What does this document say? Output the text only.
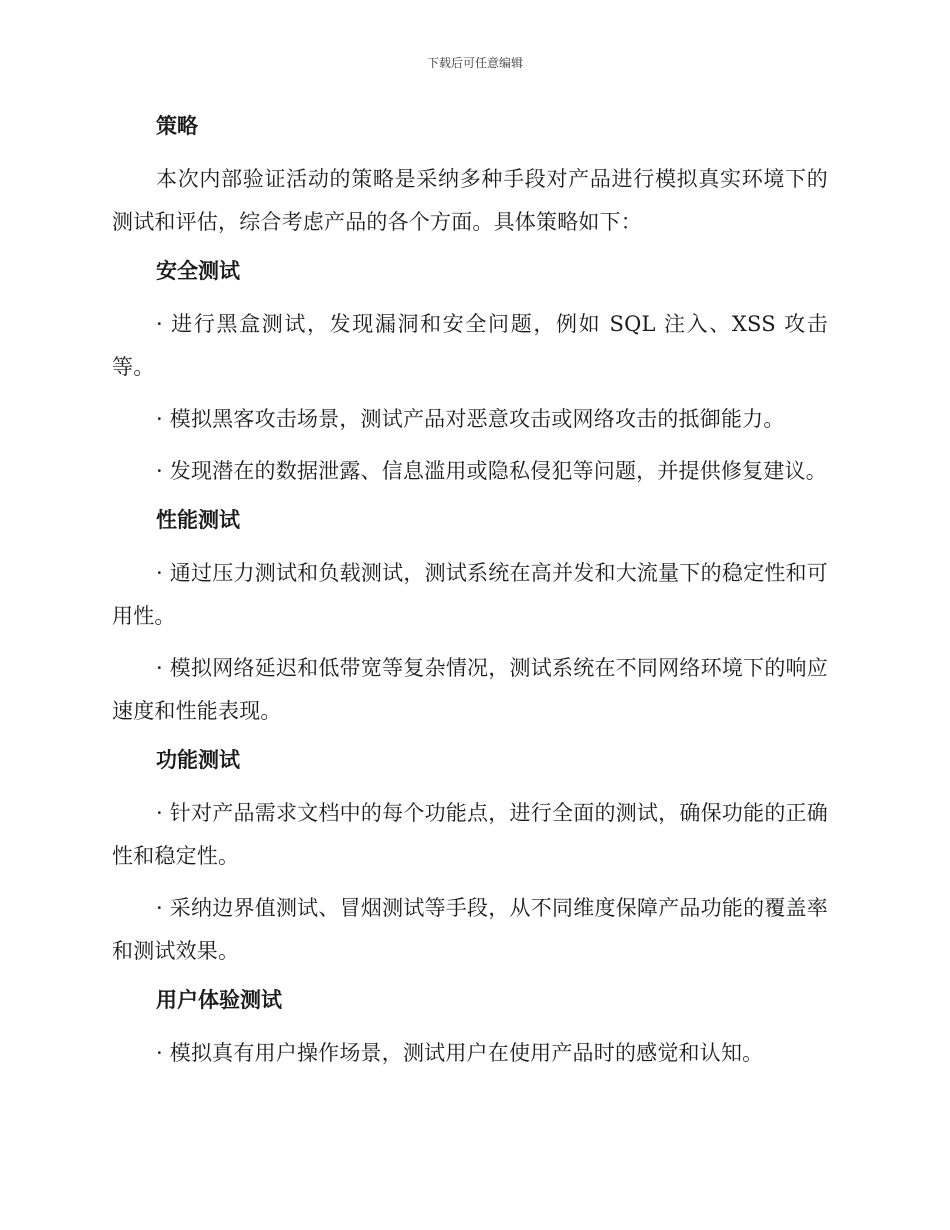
下载后可任意编辑
策略

本次内部验证活动的策略是采纳多种手段对产品进行模拟真实环境下的测试和评估，综合考虑产品的各个方面。具体策略如下：

安全测试

· 进行黑盒测试，发现漏洞和安全问题，例如 SQL 注入、XSS 攻击等。

· 模拟黑客攻击场景，测试产品对恶意攻击或网络攻击的抵御能力。

· 发现潜在的数据泄露、信息滥用或隐私侵犯等问题，并提供修复建议。

性能测试

· 通过压力测试和负载测试，测试系统在高并发和大流量下的稳定性和可用性。

· 模拟网络延迟和低带宽等复杂情况，测试系统在不同网络环境下的响应速度和性能表现。

功能测试

· 针对产品需求文档中的每个功能点，进行全面的测试，确保功能的正确性和稳定性。

· 采纳边界值测试、冒烟测试等手段，从不同维度保障产品功能的覆盖率和测试效果。

用户体验测试

· 模拟真有用户操作场景，测试用户在使用产品时的感觉和认知。
